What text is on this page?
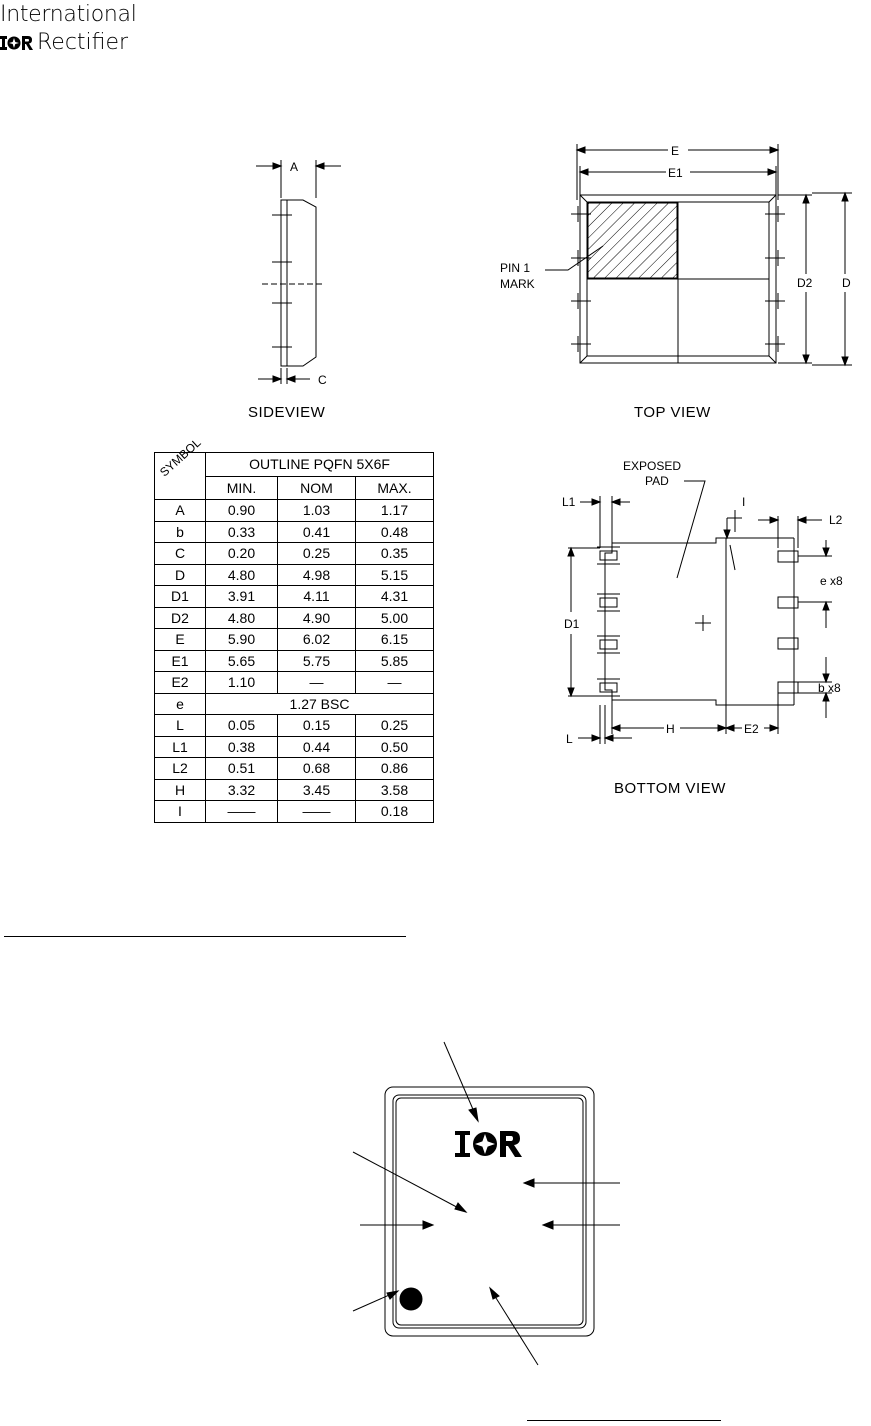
International
Rectifier
A
C
SIDEVIEW
E
E1
D2 D
PIN 1
MARK
TOP VIEW
EXPOSED
PAD
L1	I
L2
e x8
D1
b x8
L
H	E2
BOTTOM VIEW
SYMBOL	OUTLINE PQFN 5X6F		
	MIN.	NOM	MAX.
A	0.90	1.03	1.17
b	0.33	0.41	0.48
C	0.20	0.25	0.35
D	4.80	4.98	5.15
D1	3.91	4.11	4.31
D2	4.80	4.90	5.00
E	5.90	6.02	6.15
E1	5.65	5.75	5.85
E2	1.10	—	—
e	1.27 BSC		
L	0.05	0.15	0.25
L1	0.38	0.44	0.50
L2	0.51	0.68	0.86
H	3.32	3.45	3.58
I	——	——	0.18
